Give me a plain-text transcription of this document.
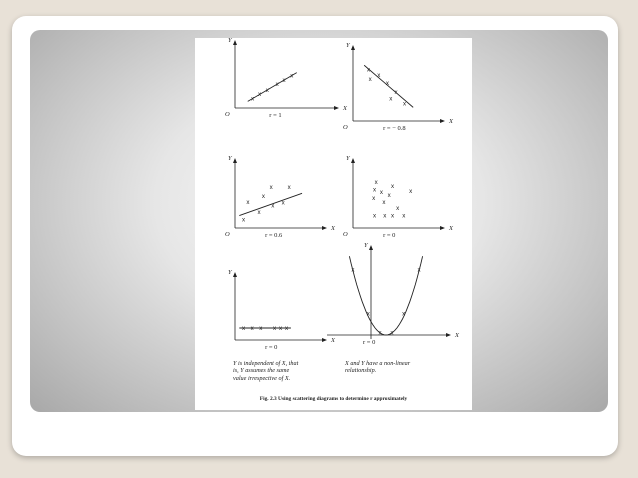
X
Y
O
x
x
x
x
x
x
r = 1
X
Y
O
x
x
x
x
x
x
x
r = − 0.8
X
Y
O
x
x
x
x
x
x x
x
r = 0.6
X
Y
O
x
x x
x
x
x
x
x
x x x x
x
r = 0
X
Y
x x x x x x
r = 0
X
Y
x
x
x x
x
x
r = 0
Y is independent of X, that
is, Y assumes the same
value irrespective of X.
X and Y have a non-linear
relationship.
Fig. 2.3 Using scattering diagrams to determine r approximately
